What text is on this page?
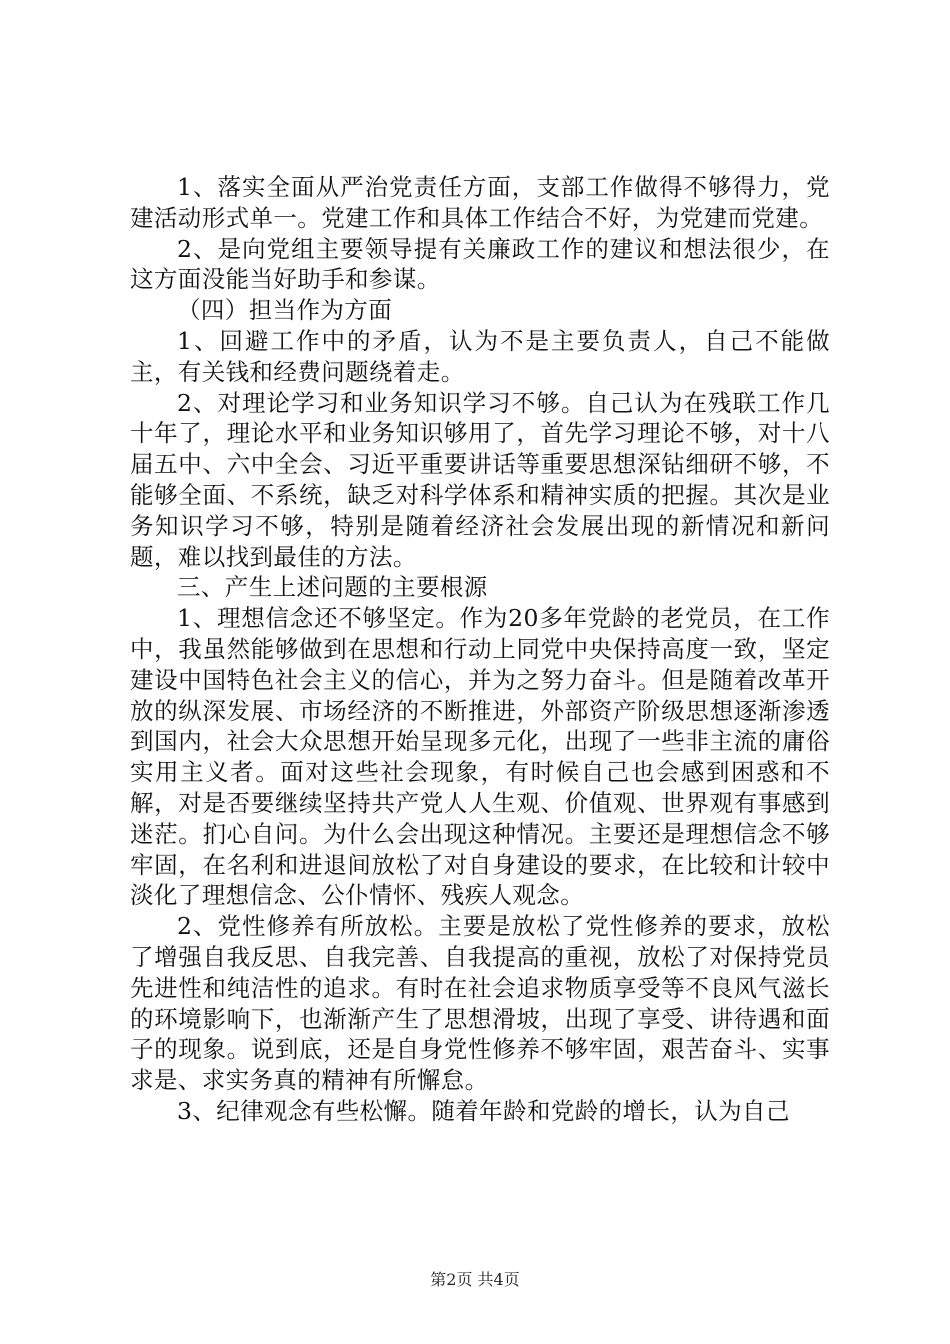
1、落实全面从严治党责任方面，支部工作做得不够得力，党建活动形式单一。党建工作和具体工作结合不好，为党建而党建。

2、是向党组主要领导提有关廉政工作的建议和想法很少，在这方面没能当好助手和参谋。

（四）担当作为方面

1、回避工作中的矛盾，认为不是主要负责人，自己不能做主，有关钱和经费问题绕着走。

2、对理论学习和业务知识学习不够。自己认为在残联工作几十年了，理论水平和业务知识够用了，首先学习理论不够，对十八届五中、六中全会、习近平重要讲话等重要思想深钻细研不够，不能够全面、不系统，缺乏对科学体系和精神实质的把握。其次是业务知识学习不够，特别是随着经济社会发展出现的新情况和新问题，难以找到最佳的方法。

三、产生上述问题的主要根源

1、理想信念还不够坚定。作为20多年党龄的老党员，在工作中，我虽然能够做到在思想和行动上同党中央保持高度一致，坚定建设中国特色社会主义的信心，并为之努力奋斗。但是随着改革开放的纵深发展、市场经济的不断推进，外部资产阶级思想逐渐渗透到国内，社会大众思想开始呈现多元化，出现了一些非主流的庸俗实用主义者。面对这些社会现象，有时候自己也会感到困惑和不解，对是否要继续坚持共产党人人生观、价值观、世界观有事感到迷茫。扪心自问。为什么会出现这种情况。主要还是理想信念不够牢固，在名利和进退间放松了对自身建设的要求，在比较和计较中淡化了理想信念、公仆情怀、残疾人观念。

2、党性修养有所放松。主要是放松了党性修养的要求，放松了增强自我反思、自我完善、自我提高的重视，放松了对保持党员先进性和纯洁性的追求。有时在社会追求物质享受等不良风气滋长的环境影响下，也渐渐产生了思想滑坡，出现了享受、讲待遇和面子的现象。说到底，还是自身党性修养不够牢固，艰苦奋斗、实事求是、求实务真的精神有所懈怠。

3、纪律观念有些松懈。随着年龄和党龄的增长，认为自己

第2页 共4页
